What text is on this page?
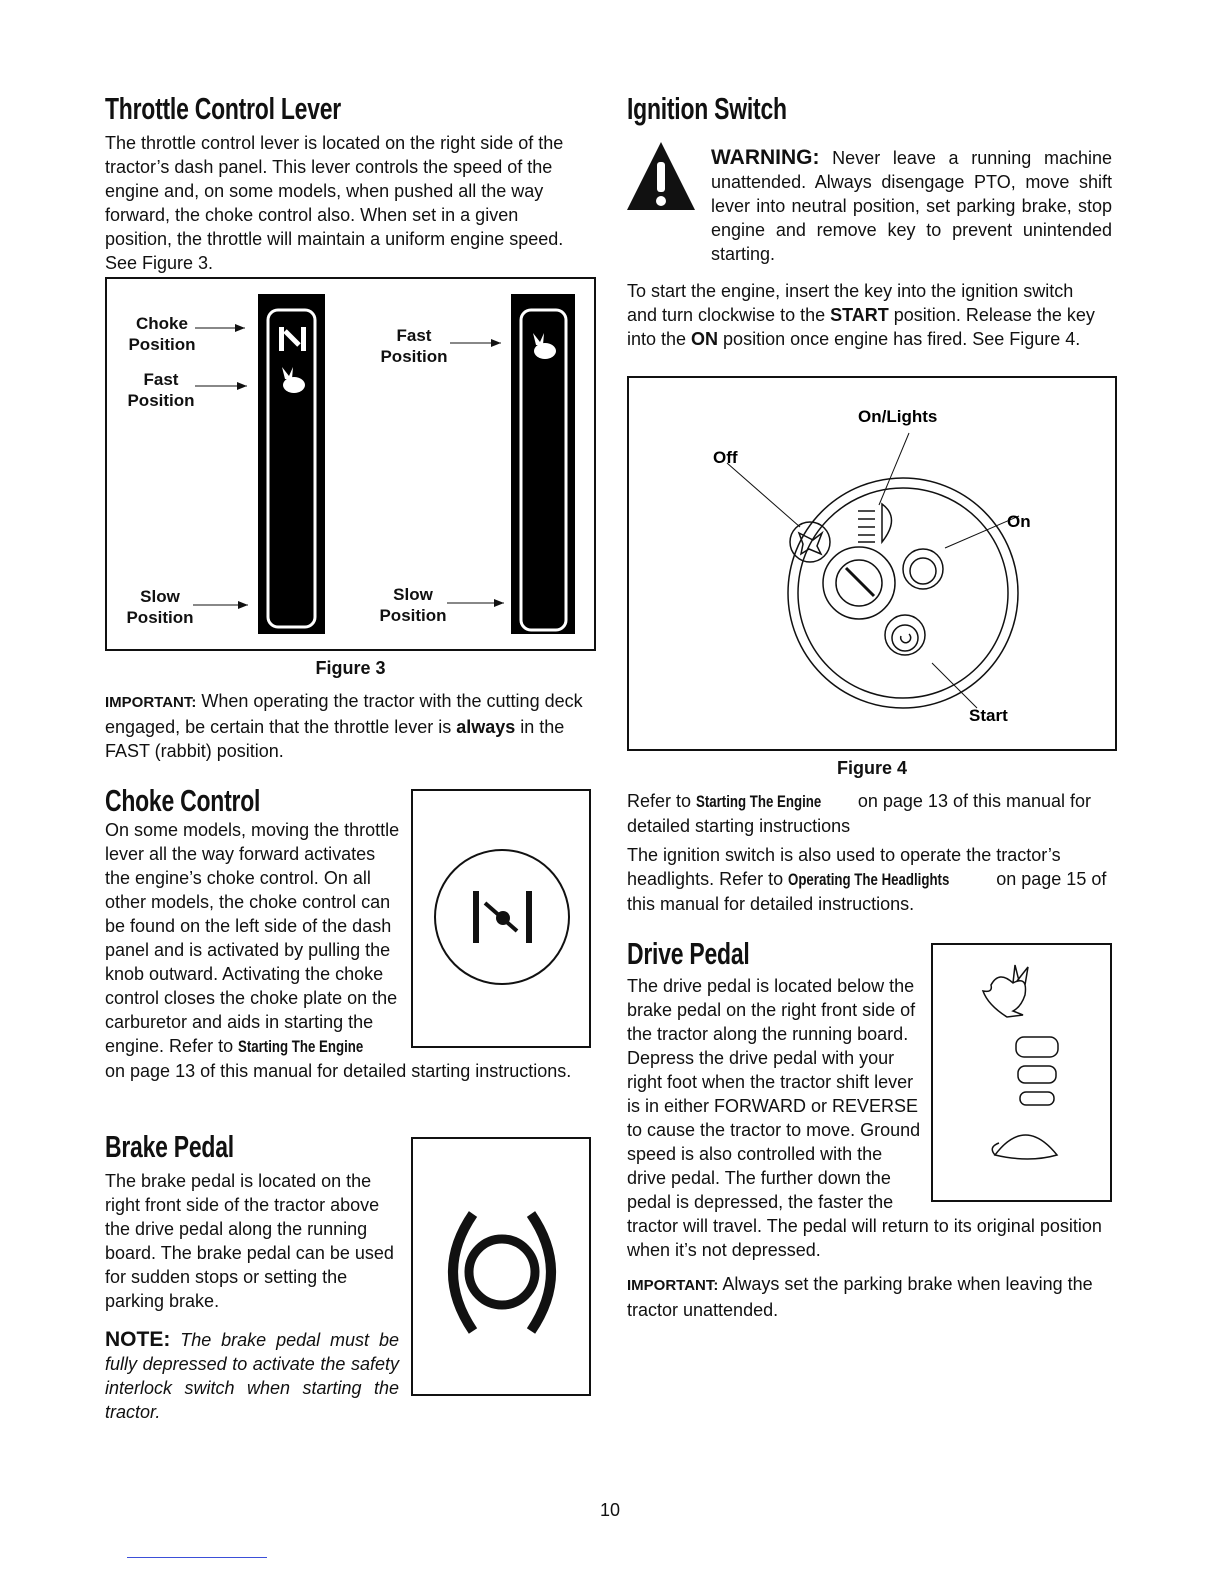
Throttle Control Lever

The throttle control lever is located on the right side of the tractor’s dash panel. This lever controls the speed of the engine and, on some models, when pushed all the way forward, the choke control also. When set in a given position, the throttle will maintain a uniform engine speed. See Figure 3.

Choke
Position
Fast
Position
Slow
Position
Fast
Position
Slow
Position
Figure 3

IMPORTANT: When operating the tractor with the cutting deck engaged, be certain that the throttle lever is always in the FAST (rabbit) position.

Choke Control

On some models, moving the throttle lever all the way forward activates the engine’s choke control. On all other models, the choke control can be found on the left side of the dash panel and is activated by pulling the knob outward. Activating the choke control closes the choke plate on the carburetor and aids in starting the engine. Refer to Starting The Engine on page 13 of this manual for detailed starting instructions.

Brake Pedal

The brake pedal is located on the right front side of the tractor above the drive pedal along the running board. The brake pedal can be used for sudden stops or setting the parking brake.

NOTE: The brake pedal must be fully depressed to activate the safety interlock switch when starting the tractor.

Ignition Switch

WARNING: Never leave a running machine unattended. Always disengage PTO, move shift lever into neutral position, set parking brake, stop engine and remove key to prevent unintended starting.

To start the engine, insert the key into the ignition switch and turn clockwise to the START position. Release the key into the ON position once engine has fired. See Figure 4.

On/Lights
Off
On
Start
Figure 4

Refer to Starting The Engine on page 13 of this manual for detailed starting instructions

The ignition switch is also used to operate the tractor’s headlights. Refer to Operating The Headlights on page 15 of this manual for detailed instructions.

Drive Pedal

The drive pedal is located below the brake pedal on the right front side of the tractor along the running board. Depress the drive pedal with your right foot when the tractor shift lever is in either FORWARD or REVERSE to cause the tractor to move. Ground speed is also controlled with the drive pedal. The further down the pedal is depressed, the faster the tractor will travel. The pedal will return to its original position when it’s not depressed.

IMPORTANT: Always set the parking brake when leaving the tractor unattended.

10
